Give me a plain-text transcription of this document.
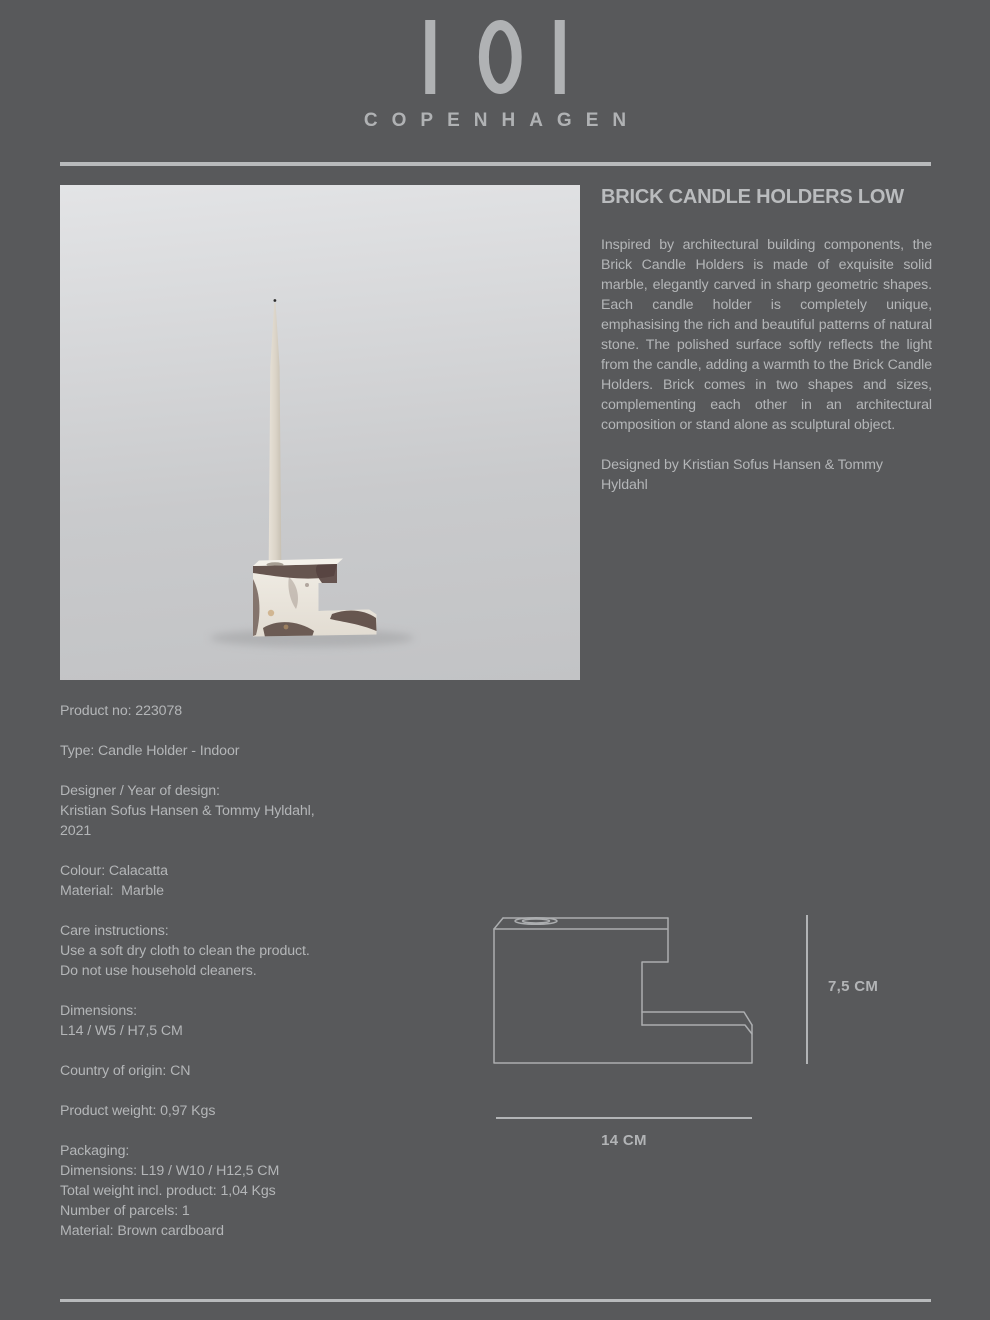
COPENHAGEN
BRICK CANDLE HOLDERS LOW

Inspired by architectural building components, the Brick Candle Holders is made of exquisite solid marble, elegantly carved in sharp geometric shapes. Each candle holder is completely unique, emphasising the rich and beautiful patterns of natural stone. The polished surface softly reflects the light from the candle, adding a warmth to the Brick Candle Holders. Brick comes in two shapes and sizes, complementing each other in an architectural composition or stand alone as sculptural object.

Designed by Kristian Sofus Hansen & Tommy Hyldahl

Product no: 223078
Type: Candle Holder - Indoor
Designer / Year of design:
Kristian Sofus Hansen & Tommy Hyldahl,
2021
Colour: Calacatta
Material:  Marble
Care instructions:
Use a soft dry cloth to clean the product.
Do not use household cleaners.
Dimensions:
L14 / W5 / H7,5 CM
Country of origin: CN
Product weight: 0,97 Kgs
Packaging:
Dimensions: L19 / W10 / H12,5 CM
Total weight incl. product: 1,04 Kgs
Number of parcels: 1
Material: Brown cardboard
7,5 CM
14 CM
